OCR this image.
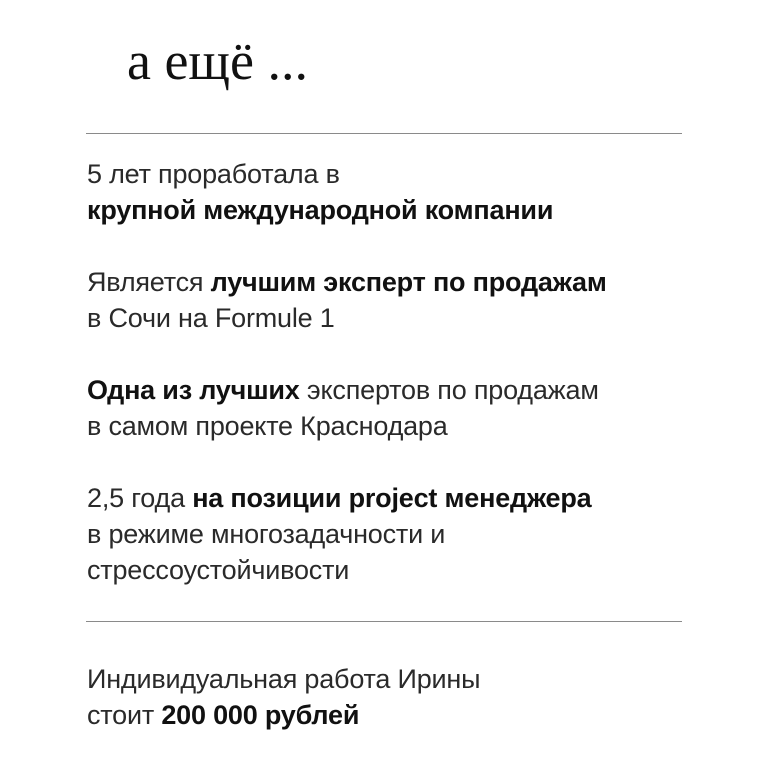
а ещё ...

5 лет проработала в
крупной международной компании

Является лучшим эксперт по продажам
в Сочи на Formule 1

Одна из лучших экспертов по продажам
в самом проекте Краснодара

2,5 года на позиции project менеджера
в режиме многозадачности и
стрессоустойчивости

Индивидуальная работа Ирины
стоит 200 000 рублей
